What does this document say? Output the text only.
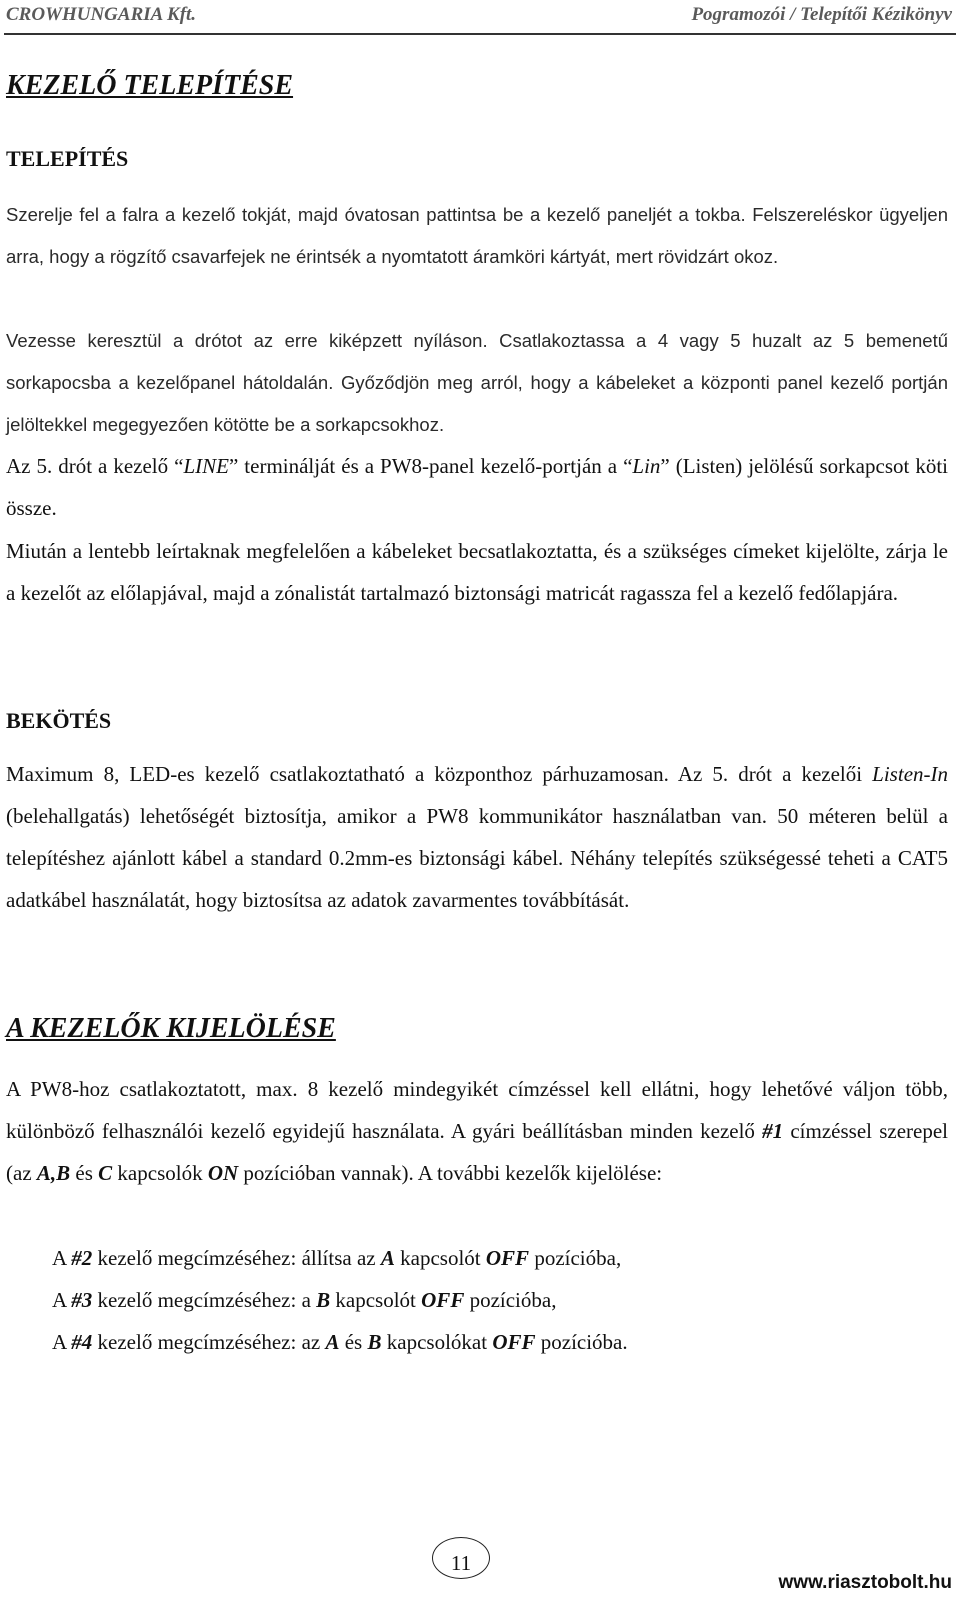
CROWHUNGARIA Kft.	Pogramozói / Telepítői Kézikönyv
KEZELŐ TELEPÍTÉSE
TELEPÍTÉS
Szerelje fel a falra a kezelő tokját, majd óvatosan pattintsa be a kezelő paneljét a tokba. Felszereléskor ügyeljen arra, hogy a rögzítő csavarfejek ne érintsék a nyomtatott áramköri kártyát, mert rövidzárt okoz.
Vezesse keresztül a drótot az erre kiképzett nyíláson. Csatlakoztassa a 4 vagy 5 huzalt az 5 bemenetű sorkapocsba a kezelőpanel hátoldalán. Győződjön meg arról, hogy a kábeleket a központi panel kezelő portján jelöltekkel megegyezően kötötte be a sorkapcsokhoz.
Az 5. drót a kezelő “LINE” terminálját és a PW8-panel kezelő-portján a “Lin” (Listen) jelölésű sorkapcsot köti össze.
Miután a lentebb leírtaknak megfelelően a kábeleket becsatlakoztatta, és a szükséges címeket kijelölte, zárja le a kezelőt az előlapjával, majd a zónalistát tartalmazó biztonsági matricát ragassza fel a kezelő fedőlapjára.
BEKÖTÉS
Maximum 8, LED-es kezelő csatlakoztatható a központhoz párhuzamosan. Az 5. drót a kezelői Listen-In (belehallgatás) lehetőségét biztosítja, amikor a PW8 kommunikátor használatban van. 50 méteren belül a telepítéshez ajánlott kábel a standard 0.2mm-es biztonsági kábel. Néhány telepítés szükségessé teheti a CAT5 adatkábel használatát, hogy biztosítsa az adatok zavarmentes továbbítását.
A KEZELŐK KIJELÖLÉSE
A PW8-hoz csatlakoztatott, max. 8 kezelő mindegyikét címzéssel kell ellátni, hogy lehetővé váljon több, különböző felhasználói kezelő egyidejű használata. A gyári beállításban minden kezelő #1 címzéssel szerepel (az A,B és C kapcsolók ON pozícióban vannak). A további kezelők kijelölése:
A #2 kezelő megcímzéséhez: állítsa az A kapcsolót OFF pozícióba,
A #3 kezelő megcímzéséhez: a B kapcsolót OFF pozícióba,
A #4 kezelő megcímzéséhez: az A és B kapcsolókat OFF pozícióba.
11
www.riasztobolt.hu
